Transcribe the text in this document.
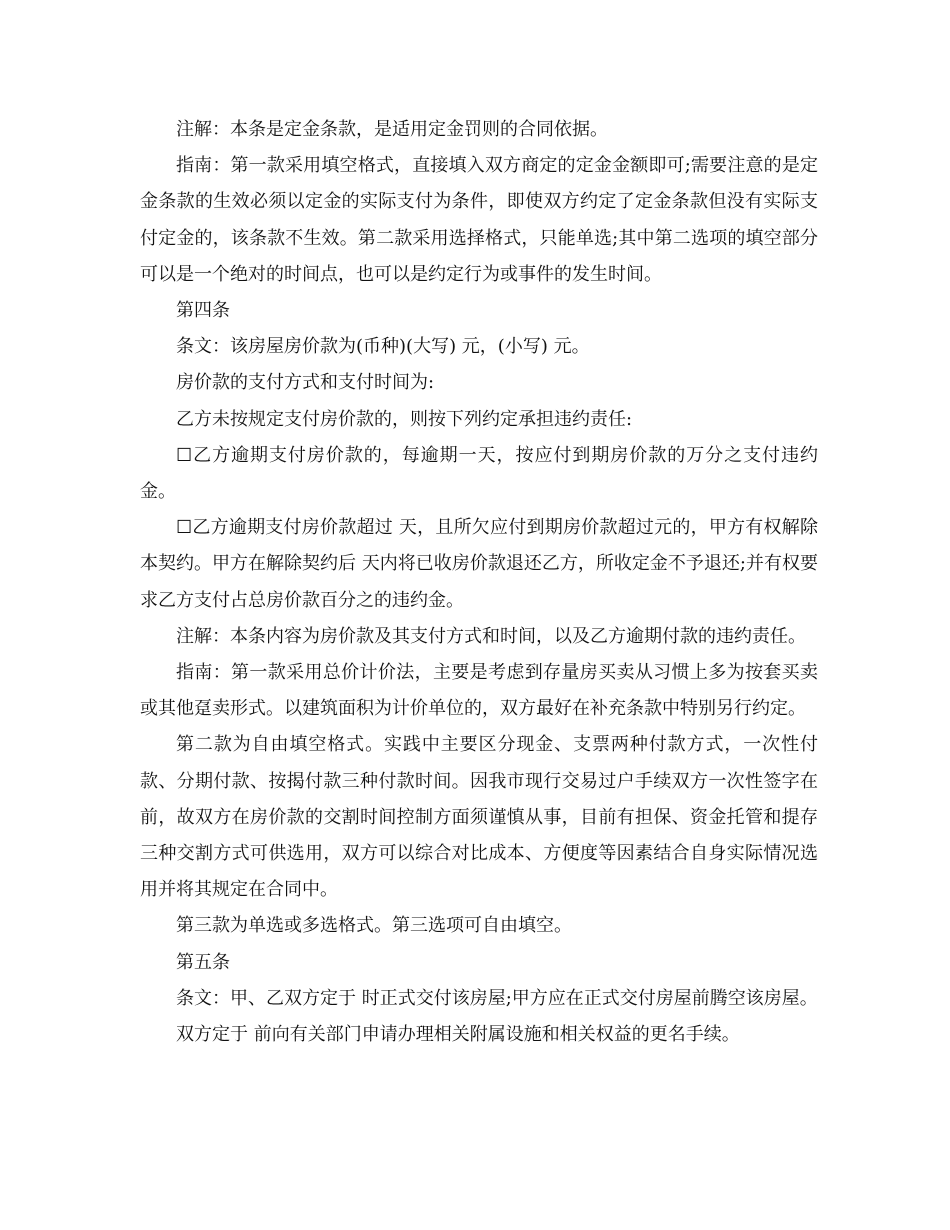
注解：本条是定金条款，是适用定金罚则的合同依据。

指南：第一款采用填空格式，直接填入双方商定的定金金额即可;需要注意的是定金条款的生效必须以定金的实际支付为条件，即使双方约定了定金条款但没有实际支付定金的，该条款不生效。第二款采用选择格式，只能单选;其中第二选项的填空部分可以是一个绝对的时间点，也可以是约定行为或事件的发生时间。

第四条

条文：该房屋房价款为(币种)(大写) 元，(小写) 元。

房价款的支付方式和支付时间为:

乙方未按规定支付房价款的，则按下列约定承担违约责任:

☐乙方逾期支付房价款的，每逾期一天，按应付到期房价款的万分之支付违约金。

☐乙方逾期支付房价款超过 天，且所欠应付到期房价款超过元的，甲方有权解除本契约。甲方在解除契约后 天内将已收房价款退还乙方，所收定金不予退还;并有权要求乙方支付占总房价款百分之的违约金。

注解：本条内容为房价款及其支付方式和时间，以及乙方逾期付款的违约责任。

指南：第一款采用总价计价法，主要是考虑到存量房买卖从习惯上多为按套买卖或其他趸卖形式。以建筑面积为计价单位的，双方最好在补充条款中特别另行约定。

第二款为自由填空格式。实践中主要区分现金、支票两种付款方式，一次性付款、分期付款、按揭付款三种付款时间。因我市现行交易过户手续双方一次性签字在前，故双方在房价款的交割时间控制方面须谨慎从事，目前有担保、资金托管和提存三种交割方式可供选用，双方可以综合对比成本、方便度等因素结合自身实际情况选用并将其规定在合同中。

第三款为单选或多选格式。第三选项可自由填空。

第五条

条文：甲、乙双方定于 时正式交付该房屋;甲方应在正式交付房屋前腾空该房屋。

双方定于 前向有关部门申请办理相关附属设施和相关权益的更名手续。
